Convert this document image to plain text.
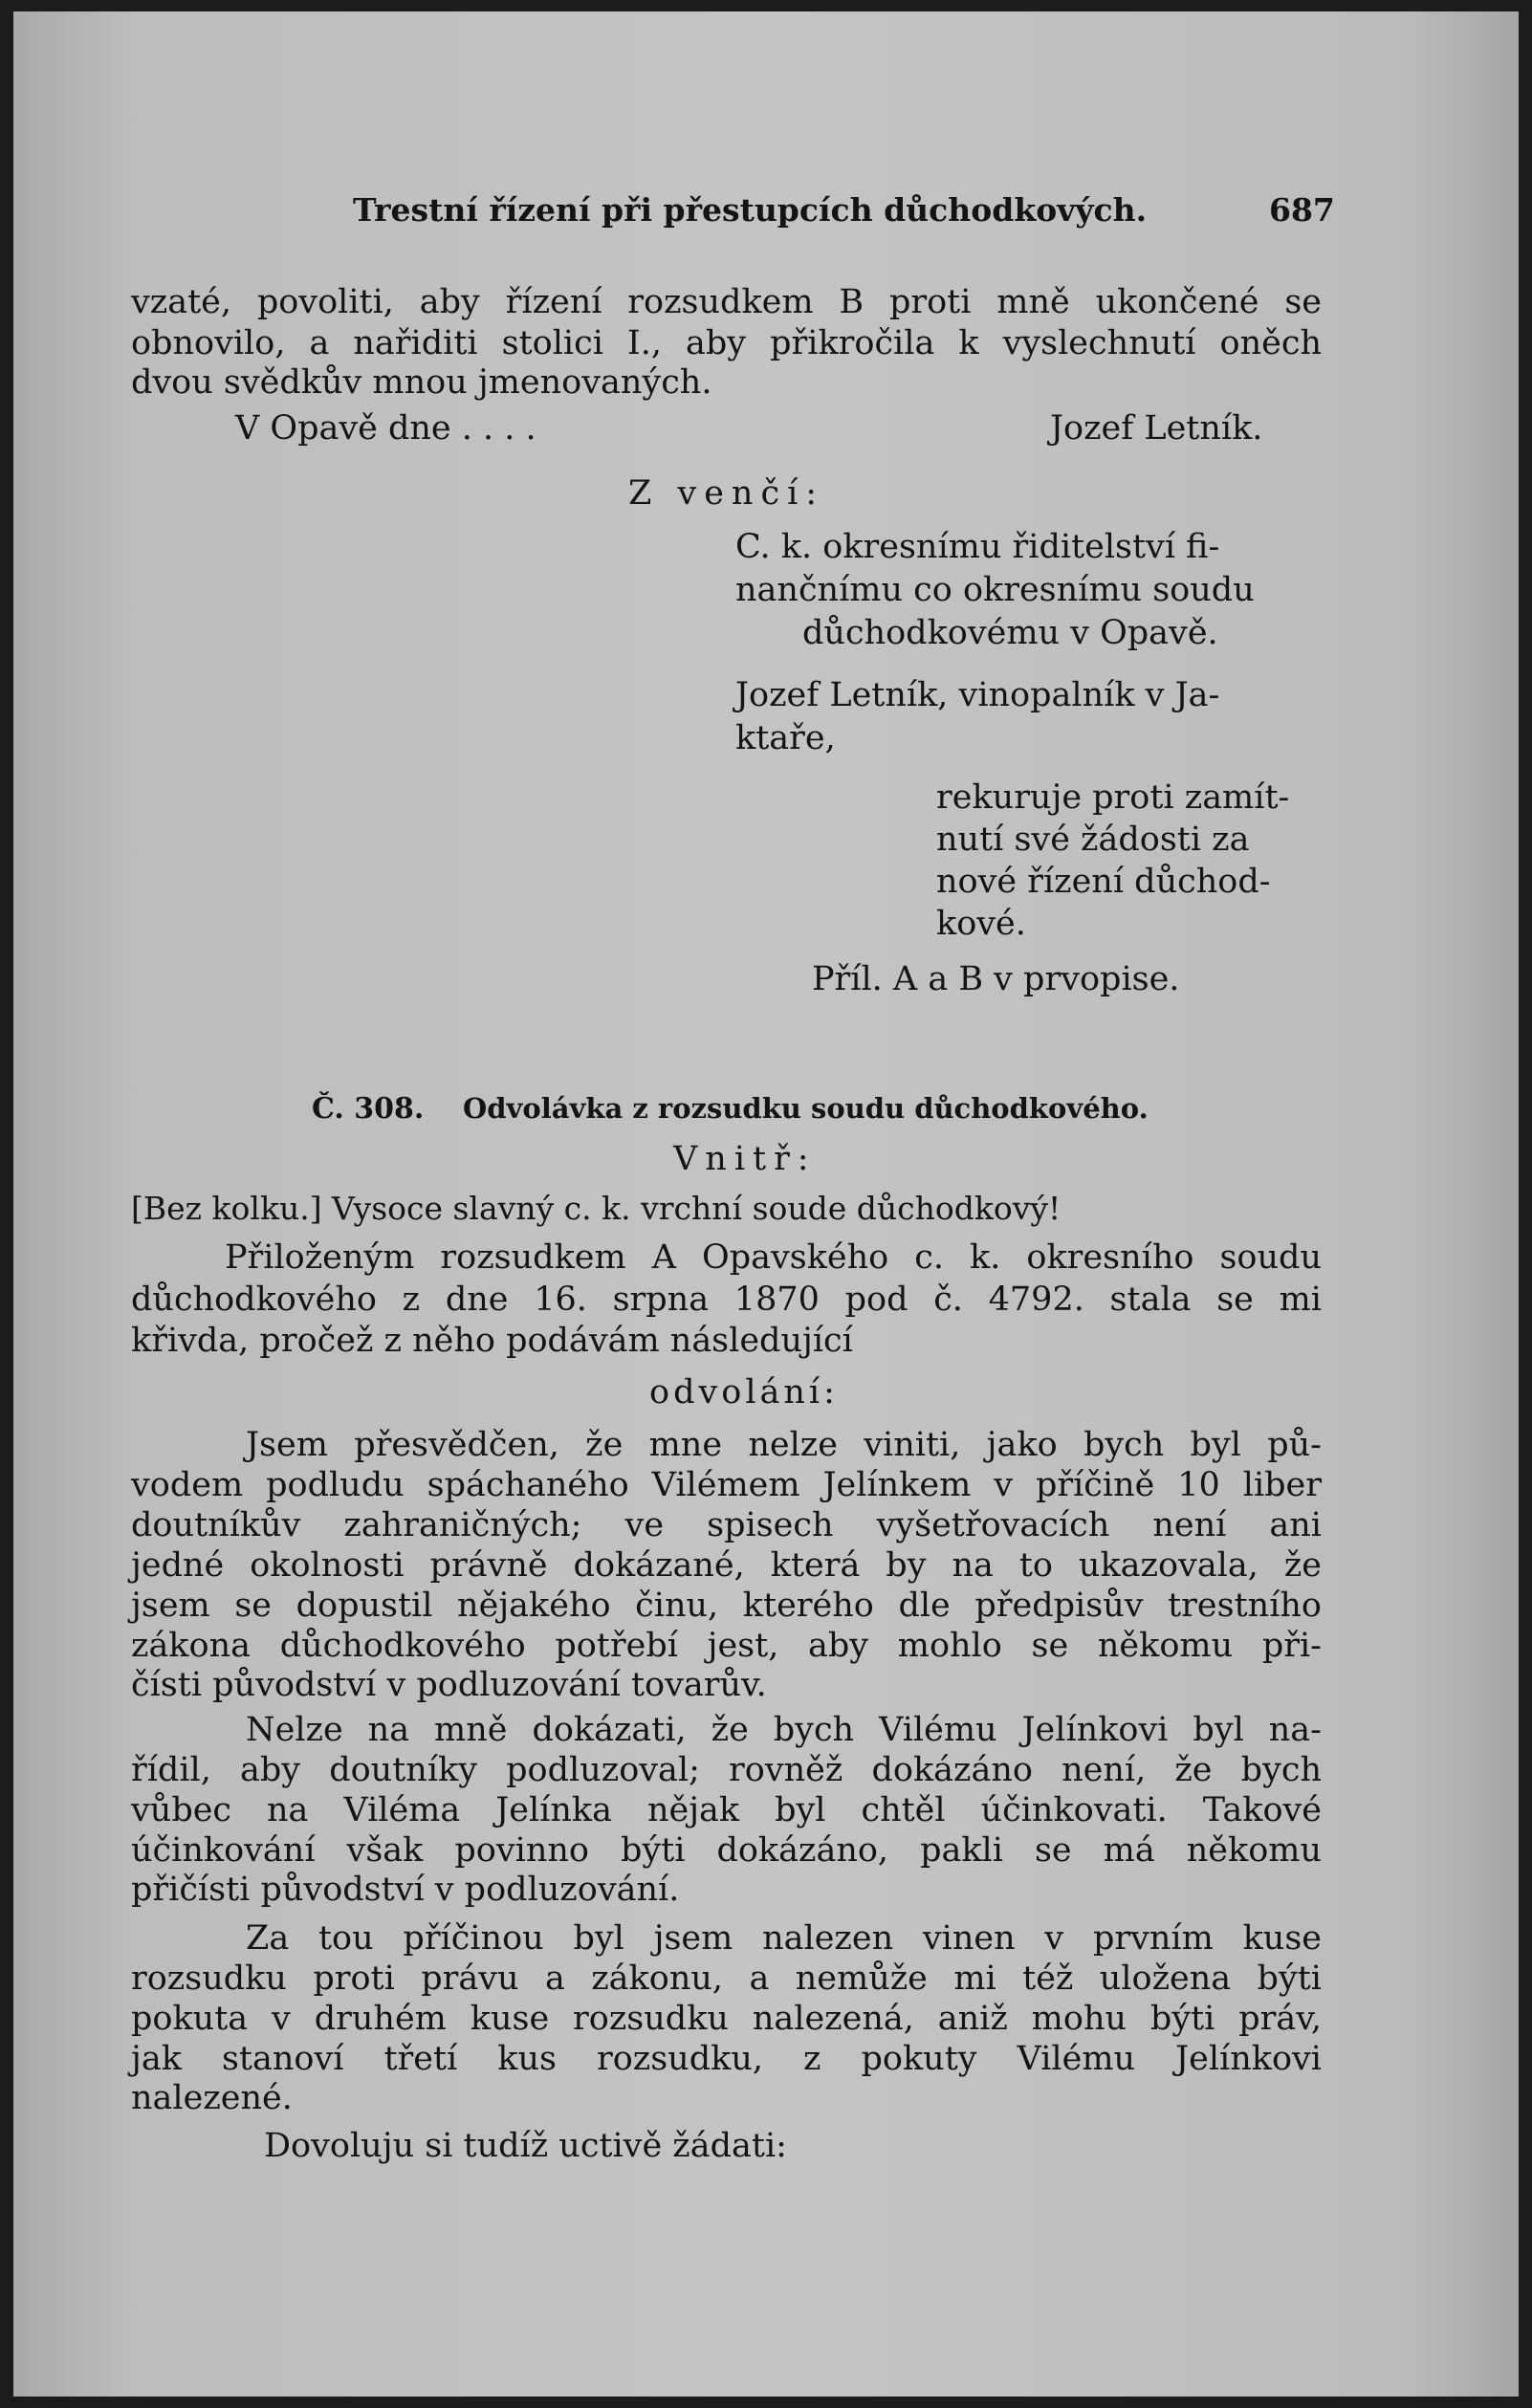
Trestní řízení při přestupcích důchodkových.	687
vzaté, povoliti, aby řízení rozsudkem B proti mně ukončené se
obnovilo, a nařiditi stolici I., aby přikročila k vyslechnutí oněch
dvou svědkův mnou jmenovaných.
V Opavě dne . . . .	Jozef Letník.
Z venčí:
C. k. okresnímu řiditelství fi-
nančnímu co okresnímu soudu
důchodkovému v Opavě.
Jozef Letník, vinopalník v Ja-
ktaře,
rekuruje proti zamít-
nutí své žádosti za
nové řízení důchod-
kové.
Příl. A a B v prvopise.
Č. 308. Odvolávka z rozsudku soudu důchodkového.
Vnitř:
[Bez kolku.] Vysoce slavný c. k. vrchní soude důchodkový!
Přiloženým rozsudkem A Opavského c. k. okresního soudu
důchodkového z dne 16. srpna 1870 pod č. 4792. stala se mi
křivda, pročež z něho podávám následující
odvolání:
Jsem přesvědčen, že mne nelze viniti, jako bych byl pů-
vodem podludu spáchaného Vilémem Jelínkem v příčině 10 liber
doutníkův zahraničných; ve spisech vyšetřovacích není ani
jedné okolnosti právně dokázané, která by na to ukazovala, že
jsem se dopustil nějakého činu, kterého dle předpisův trestního
zákona důchodkového potřebí jest, aby mohlo se někomu při-
čísti původství v podluzování tovarův.
Nelze na mně dokázati, že bych Vilému Jelínkovi byl na-
řídil, aby doutníky podluzoval; rovněž dokázáno není, že bych
vůbec na Viléma Jelínka nějak byl chtěl účinkovati. Takové
účinkování však povinno býti dokázáno, pakli se má někomu
přičísti původství v podluzování.
Za tou příčinou byl jsem nalezen vinen v prvním kuse
rozsudku proti právu a zákonu, a nemůže mi též uložena býti
pokuta v druhém kuse rozsudku nalezená, aniž mohu býti práv,
jak stanoví třetí kus rozsudku, z pokuty Vilému Jelínkovi
nalezené.
Dovoluju si tudíž uctivě žádati:
